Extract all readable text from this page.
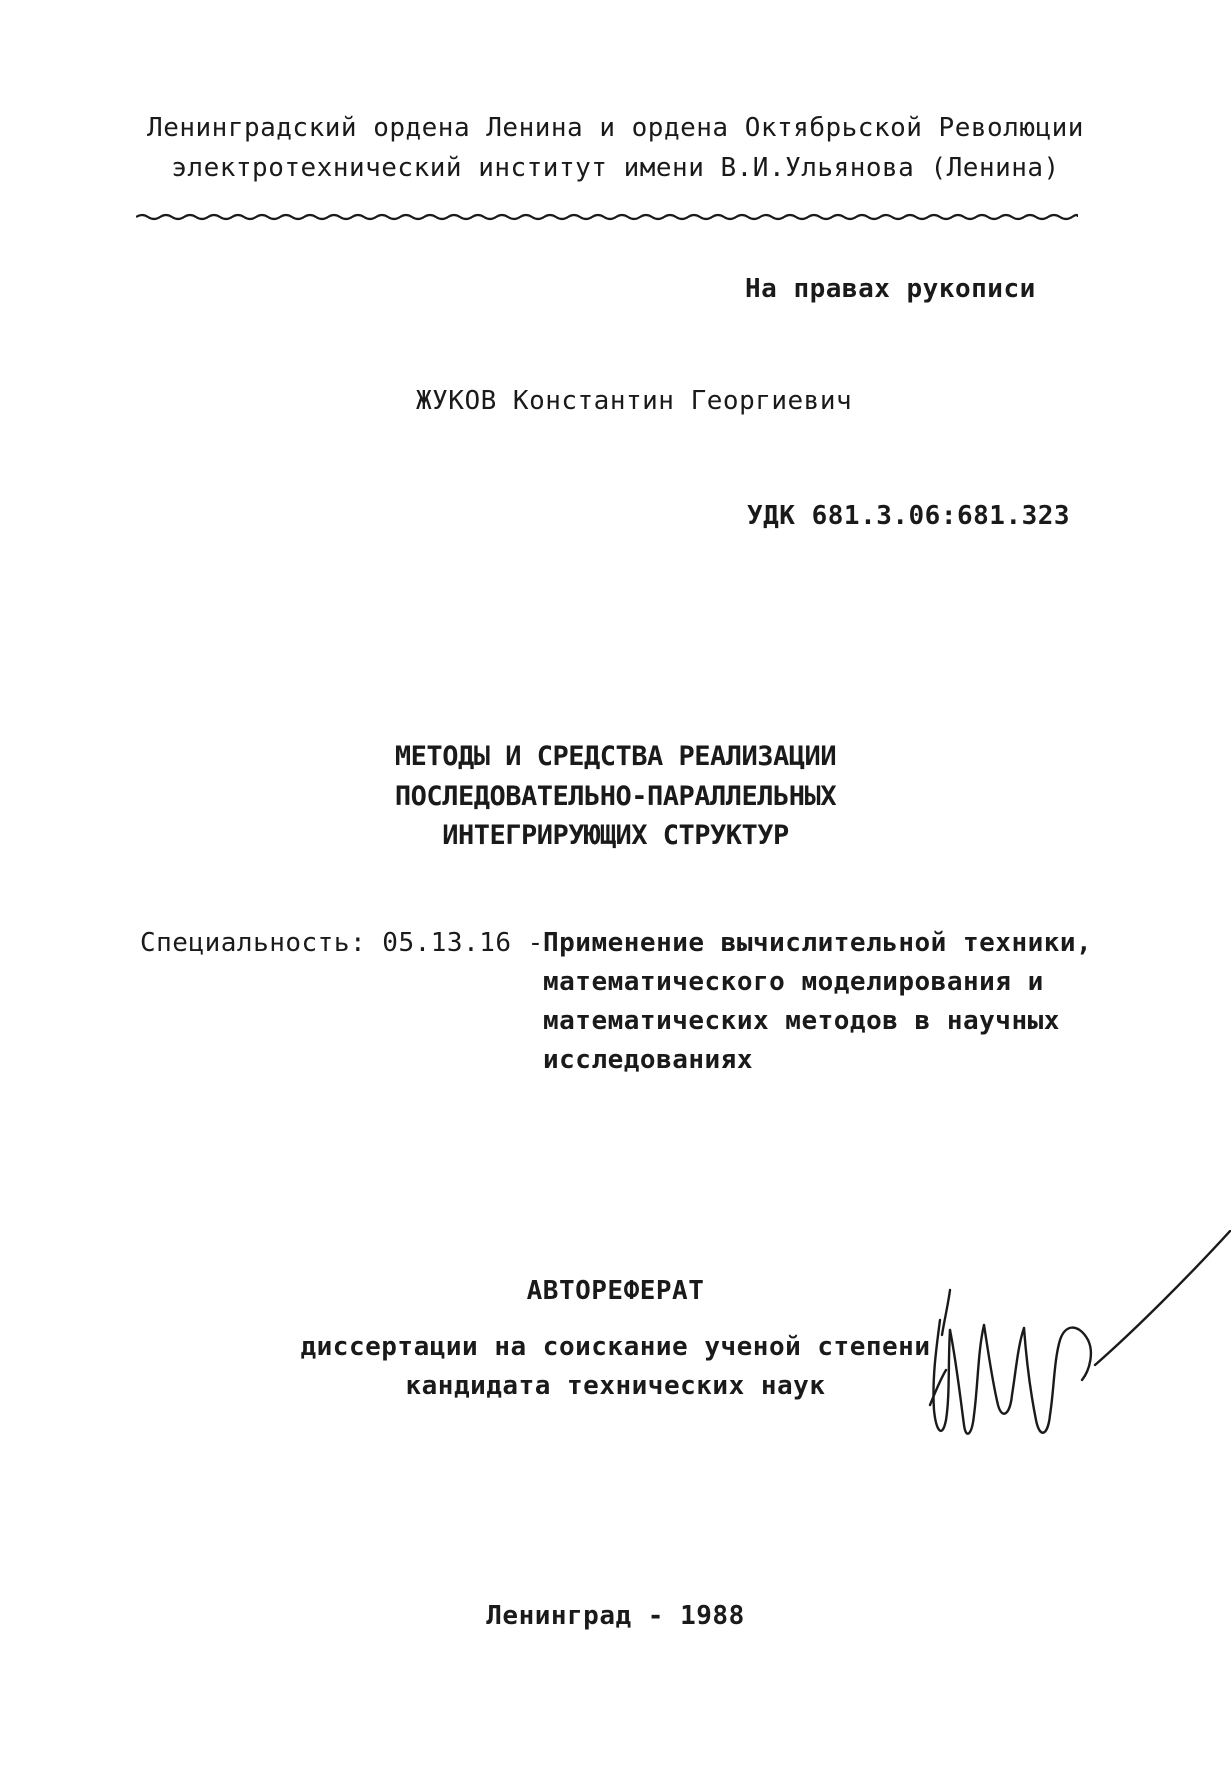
Ленинградский ордена Ленина и ордена Октябрьской Революции
электротехнический институт имени В.И.Ульянова (Ленина)
На правах рукописи
ЖУКОВ Константин Георгиевич
УДК 681.3.06:681.323
МЕТОДЫ И СРЕДСТВА РЕАЛИЗАЦИИ
ПОСЛЕДОВАТЕЛЬНО-ПАРАЛЛЕЛЬНЫХ
ИНТЕГРИРУЮЩИХ СТРУКТУР
Специальность: 05.13.16 - Применение вычислительной техники,
математического моделирования и
математических методов в научных
исследованиях
АВТОРЕФЕРАТ
диссертации на соискание ученой степени
кандидата технических наук
Ленинград - 1988
